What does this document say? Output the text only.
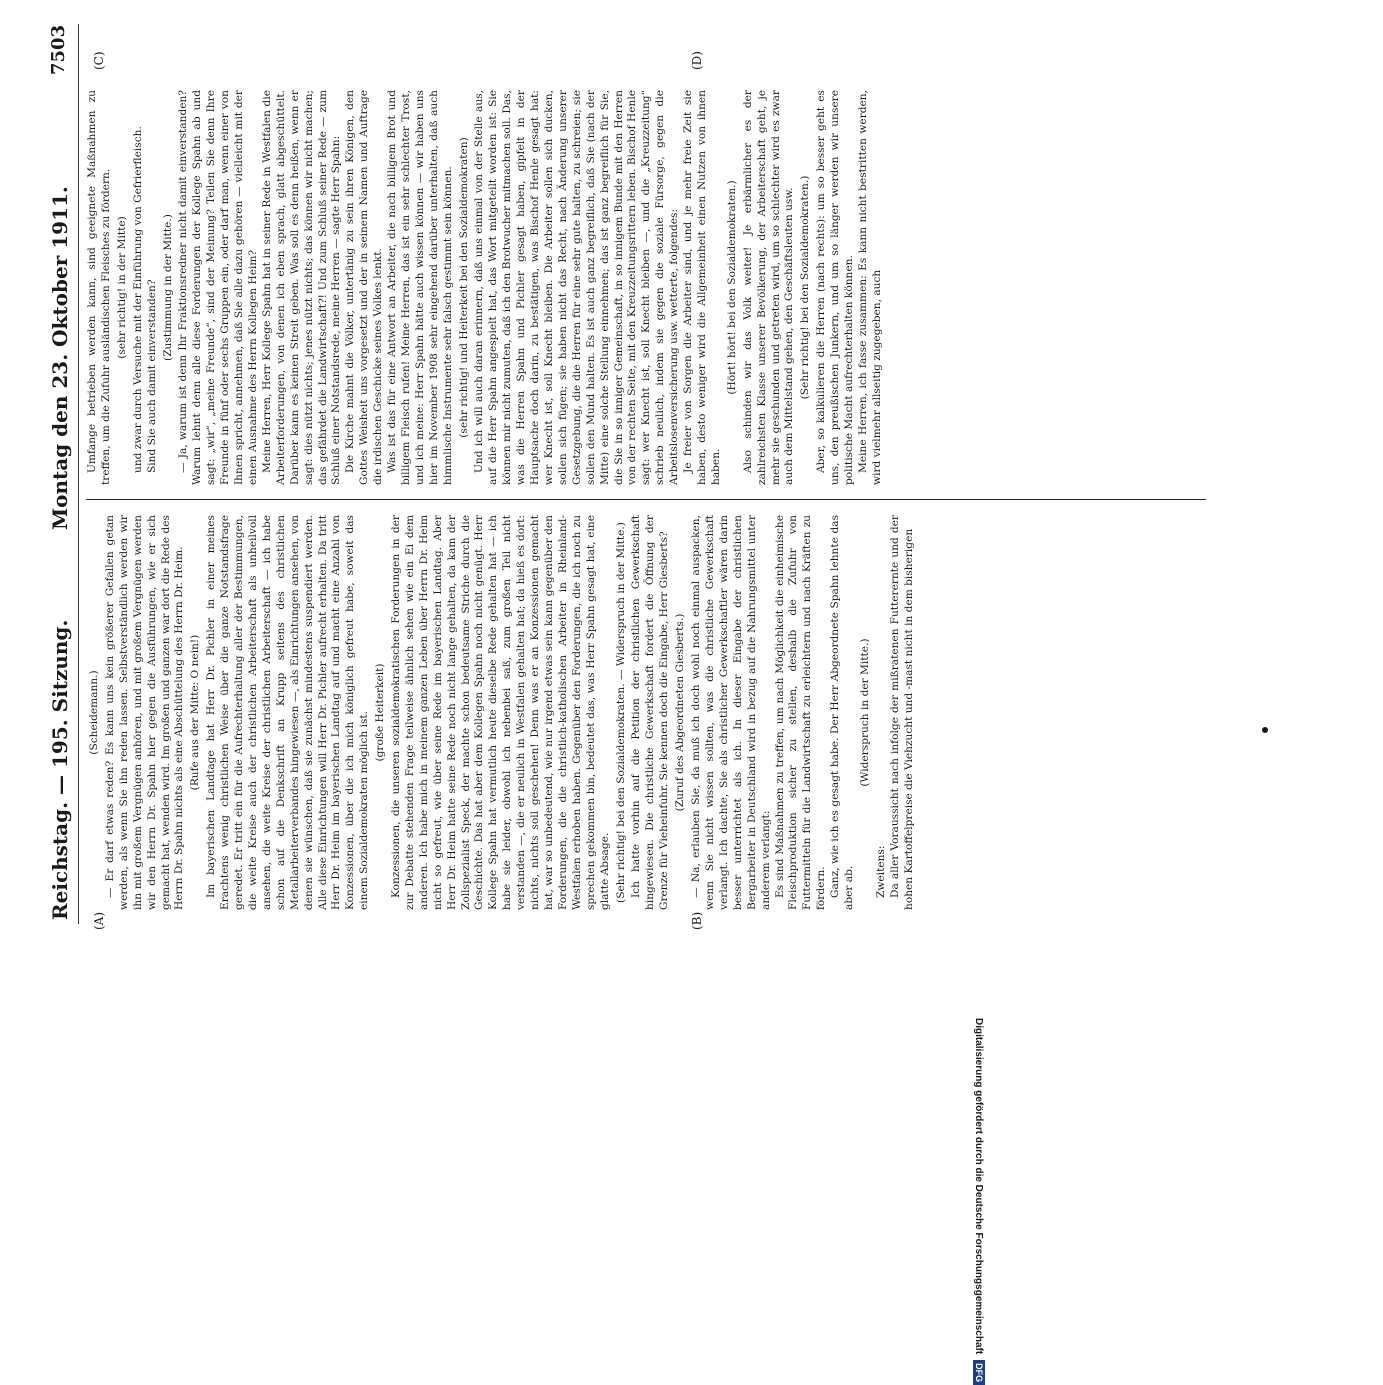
Reichstag. — 195. Sitzung.
Montag den 23. Oktober 1911.
7503
(A)	(B)
(C)	(D)

(Scheidemann.) — Er darf etwas reden? Es kann uns kein größerer Gefallen getan werden, als wenn Sie ihn reden lassen. Selbstverständlich werden wir ihn mit großem Vergnügen anhören, und mit großem Vergnügen werden wir den Herrn Dr. Spahn hier gegen die Ausführungen, wie er sich gemacht hat, wenden wird. Im großen und ganzen war dort die Rede des Herrn Dr. Spahn nichts als eine Abschüttelung des Herrn Dr. Heim. (Rufe aus der Mitte: O nein!) Im bayerischen Landtage hat Herr Dr. Pichler in einer meines Erachtens wenig christlichen Weise über die ganze Notstandsfrage geredet. Er tritt ein für die Aufrechterhaltung aller der Bestimmungen, die weite Kreise auch der christlichen Arbeiterschaft als unheilvoll ansehen, die weite Kreise der christlichen Arbeiterschaft — ich habe schon auf die Denkschrift an Krupp seitens des christlichen Metallarbeiterverbandes hingewiesen —, als Einrichtungen ansehen, von denen sie wünschen, daß sie zunächst mindestens suspendiert werden. Alle diese Einrichtungen will Herr Dr. Pichler aufrecht erhalten. Da tritt Herr Dr. Heim im bayerischen Landtag auf und macht eine Anzahl von Konzessionen, über die ich mich königlich gefreut habe, soweit das einem Sozialdemokraten möglich ist. (große Heiterkeit) Konzessionen, die unseren sozialdemokratischen Forderungen in der zur Debatte stehenden Frage teilweise ähnlich sehen wie ein Ei dem anderen. Ich habe mich in meinem ganzen Leben über Herrn Dr. Heim nicht so gefreut, wie über seine Rede im bayerischen Landtag. Aber Herr Dr. Heim hatte seine Rede noch nicht lange gehalten, da kam der Zollspezialist Speck, der machte schon bedeutsame Striche durch die Geschichte. Das hat aber dem Kollegen Spahn noch nicht genügt. Herr Kollege Spahn hat vermutlich heute dieselbe Rede gehalten hat — ich habe sie leider, obwohl ich nebenbei saß, zum großen Teil nicht verstanden —, die er neulich in Westfalen gehalten hat; da hieß es dort: nichts, nichts soll geschehen! Denn was er an Konzessionen gemacht hat, war so unbedeutend, wie nur irgend etwas sein kann gegenüber den Forderungen, die die christlich-katholischen Arbeiter in Rheinland-Westfalen erhoben haben. Gegenüber den Forderungen, die ich noch zu sprechen gekommen bin, bedeutet das, was Herr Spahn gesagt hat, eine glatte Absage. (Sehr richtig! bei den Sozialdemokraten. — Widerspruch in der Mitte.) Ich hatte vorhin auf die Petition der christlichen Gewerkschaft hingewiesen. Die christliche Gewerkschaft fordert die Öffnung der Grenze für Vieheinfuhr. Sie kennen doch die Eingabe, Herr Giesberts? (Zuruf des Abgeordneten Giesberts.) — Na, erlauben Sie, da muß ich doch wohl noch einmal auspacken, wenn Sie nicht wissen sollten, was die christliche Gewerkschaft verlangt. Ich dachte, Sie als christlicher Gewerkschaftler wären darin besser unterrichtet als ich. In dieser Eingabe der christlichen Bergarbeiter in Deutschland wird in bezug auf die Nahrungsmittel unter anderem verlangt: Es sind Maßnahmen zu treffen, um nach Möglichkeit die einheimische Fleischproduktion sicher zu stellen, deshalb die Zufuhr von Futtermitteln für die Landwirtschaft zu erleichtern und nach Kräften zu fördern. Ganz, wie ich es gesagt habe. Der Herr Abgeordnete Spahn lehnte das aber ab.

(Widerspruch in der Mitte.)

Zweitens: Da aller Voraussicht nach infolge der mißratenen Futterernte und der hohen Kartoffelpreise die Viehzucht und -mast nicht in dem bisherigen

Umfange betrieben werden kann, sind geeignete Maßnahmen zu treffen, um die Zufuhr ausländischen Fleisches zu fördern. (sehr richtig! in der Mitte) und zwar durch Versuche mit der Einführung von Gefrierfleisch. Sind Sie auch damit einverstanden? (Zustimmung in der Mitte.) — Ja, warum ist denn Ihr Fraktionsredner nicht damit einverstanden? Warum lehnt denn alle diese Forderungen der Kollege Spahn ab und sagt: „wir“, „meine Freunde“, sind der Meinung? Teilen Sie denn Ihre Freunde in fünf oder sechs Gruppen ein, oder darf man, wenn einer von Ihnen spricht, annehmen, daß Sie alle dazu gehören — vielleicht mit der einen Ausnahme des Herrn Kollegen Heim? Meine Herren, Herr Kollege Spahn hat in seiner Rede in Westfalen die Arbeiterforderungen, von denen ich eben sprach, glatt abgeschüttelt. Darüber kann es keinen Streit geben. Was soll es denn heißen, wenn er sagt: dies nützt nichts; jenes nützt nichts; das können wir nicht machen; das gefährdet die Landwirtschaft?! Und zum Schluß seiner Rede — zum Schluß einer Notstandsrede, meine Herren — sagte Herr Spahn: Die Kirche mahnt die Völker, untertänig zu sein ihren Königen, den Gottes Weisheit uns vorgesetzt und der in seinem Namen und Auftrage die irdischen Geschicke seines Volkes lenkt. Was ist das für eine Antwort an Arbeiter, die nach billigem Brot und billigem Fleisch rufen! Meine Herren, das ist ein sehr schlechter Trost, und ich meine: Herr Spahn hätte auch wissen können — wir haben uns hier im November 1908 sehr eingehend darüber unterhalten, daß auch himmlische Instrumente sehr falsch gestimmt sein können. (sehr richtig! und Heiterkeit bei den Sozialdemokraten) Und ich will auch daran erinnern, daß uns einmal von der Stelle aus, auf die Herr Spahn angespielt hat, das Wort mitgeteilt worden ist: Sie können mir nicht zumuten, daß ich den Brotwucher mitmachen soll. Das, was die Herren Spahn und Pichler gesagt haben, gipfelt in der Hauptsache doch darin, zu bestätigen, was Bischof Henle gesagt hat: wer Knecht ist, soll Knecht bleiben. Die Arbeiter sollen sich ducken, sollen sich fügen; sie haben nicht das Recht, nach Änderung unserer Gesetzgebung, die die Herren für eine sehr gute halten, zu schreien; sie sollen den Mund halten. Es ist auch ganz begreiflich, daß Sie (nach der Mitte) eine solche Stellung einnehmen; das ist ganz begreiflich für Sie, die Sie in so inniger Gemeinschaft, in so innigem Bunde mit den Herren von der rechten Seite, mit den Kreuzzeitungsrittern leben. Bischof Henle sagt: wer Knecht ist, soll Knecht bleiben —, und die „Kreuzzeitung“ schrieb neulich, indem sie gegen die soziale Fürsorge, gegen die Arbeitslosenversicherung usw. wetterte, folgendes: Je freier von Sorgen die Arbeiter sind, und je mehr freie Zeit sie haben, desto weniger wird die Allgemeinheit einen Nutzen von ihnen haben.

(Hört! hört! bei den Sozialdemokraten.) Also schinden wir das Volk weiter! Je erbärmlicher es der zahlreichsten Klasse unserer Bevölkerung, der Arbeiterschaft geht, je mehr sie geschunden und getreten wird, um so schlechter wird es zwar auch dem Mittelstand gehen, den Geschäftsleuten usw. (Sehr richtig! bei den Sozialdemokraten.) Aber, so kalkulieren die Herren (nach rechts): um so besser geht es uns, den preußischen Junkern, und um so länger werden wir unsere politische Macht aufrechterhalten können. Meine Herren, ich fasse zusammen: Es kann nicht bestritten werden, wird vielmehr allseitig zugegeben, auch

Digitalisierung gefördert durch die Deutsche Forschungsgemeinschaft
DFG
